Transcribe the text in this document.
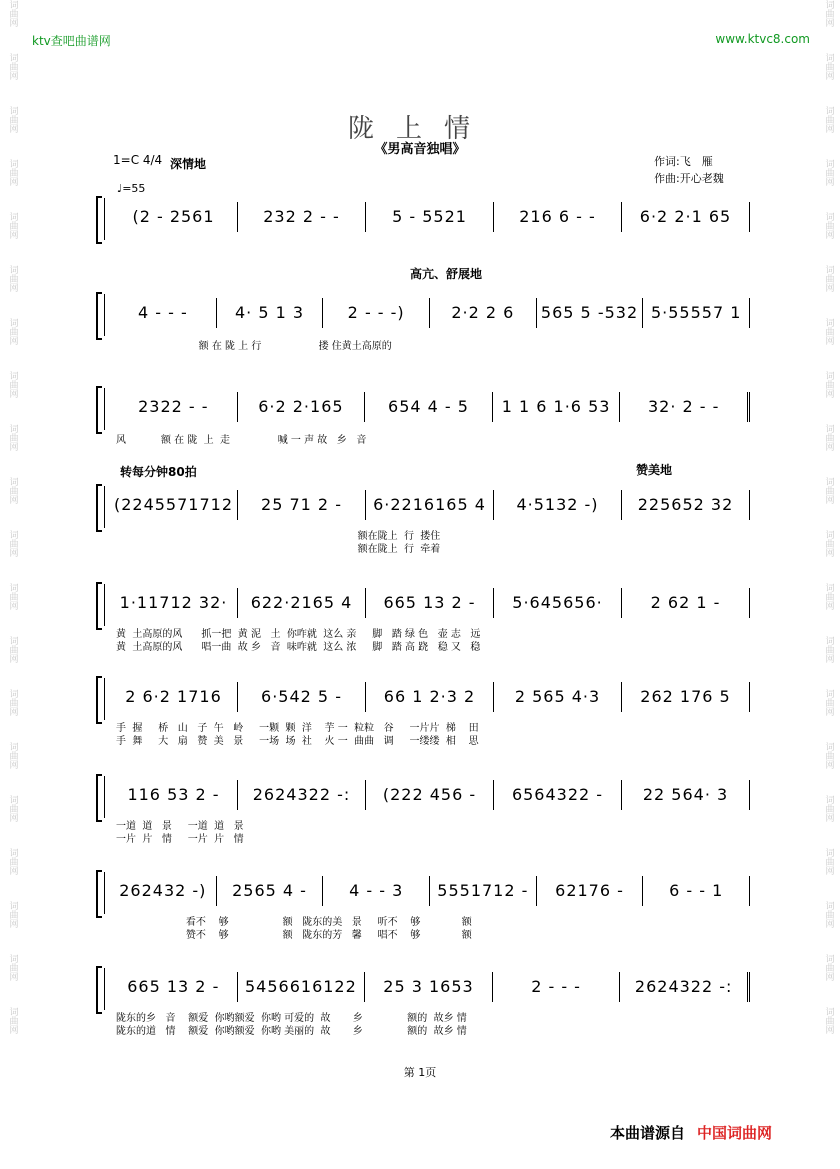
词曲网
词曲网
词曲网
词曲网
词曲网
词曲网
词曲网
词曲网
词曲网
词曲网
词曲网
词曲网
词曲网
词曲网
词曲网
词曲网
词曲网
词曲网
词曲网
词曲网
词曲网
词曲网
词曲网
词曲网
词曲网
词曲网
词曲网
词曲网
词曲网
词曲网
词曲网
词曲网
词曲网
词曲网
词曲网
词曲网
词曲网
词曲网
词曲网
词曲网
ktv查吧曲谱网	www.ktvc8.com
陇上情
《男高音独唱》
1=C 4/4 深情地
♩=55
作词:飞　雁
作曲:开心老魏
高亢、舒展地
转每分钟80拍	赞美地
(2 - 2561	232 2 - -	5 - 5521	216 6 - -	6·2 2·1 65
4 - - -	4· 5 1 3	2 - - -)	2·2 2 6	565 5 -532 5·55557 1
额 在 陇 上 行                  搂 住黄土高原的
2322 - -	6·2 2·165	654 4 - 5	1 1 6 1·6 53	32· 2 - -
风           额 在 陇  上  走               喊 一 声 故   乡   音
(2245571712	25 71 2 -	6·2216165 4	4·5132 -)	225652 32
额在陇上  行  搂住
额在陇上  行  牵着
1·11712 32·	622·2165 4	665 13 2 -	5·645656·	2 62 1 -
黄  土高原的风      抓一把  黄 泥   土  你咋就  这么 亲     脚   踏 绿 色   壶 志   远
黄  土高原的风      唱一曲  故 乡   音  味咋就  这么 浓     脚   踏 高 跷   稳 又   稳
2 6·2 1716	6·542 5 -	66 1 2·3 2	2 565 4·3	262 176 5
手  握     桥   山   子  午   岭     一颗  颗  洋    芋 一  粒粒   谷     一片片  梯    田
手  舞     大   扇   赞  美   景     一场  场  社    火 一  曲曲   调     一缕缕  相    思
116 53 2 -	2624322 -:	(222 456 -	6564322 -	22 564· 3
一道  道   景     一道  道   景
一片  片   情     一片  片   情
262432 -)	2565 4 -	4 - - 3	5551712 -	62176 -	6 - - 1
看不    够                 额   陇东的美   景     听不    够             额
赞不    够                 额   陇东的芳   馨     唱不    够             额
665 13 2 -	5456616122	25 3 1653	2 - - -	2624322 -:
陇东的乡   音    额爱  你哟额爱  你哟 可爱的  故       乡              额的  故乡 情
陇东的道   情    额爱  你哟额爱  你哟 美丽的  故       乡              额的  故乡 情
第 1页
本曲谱源自 中国词曲网
